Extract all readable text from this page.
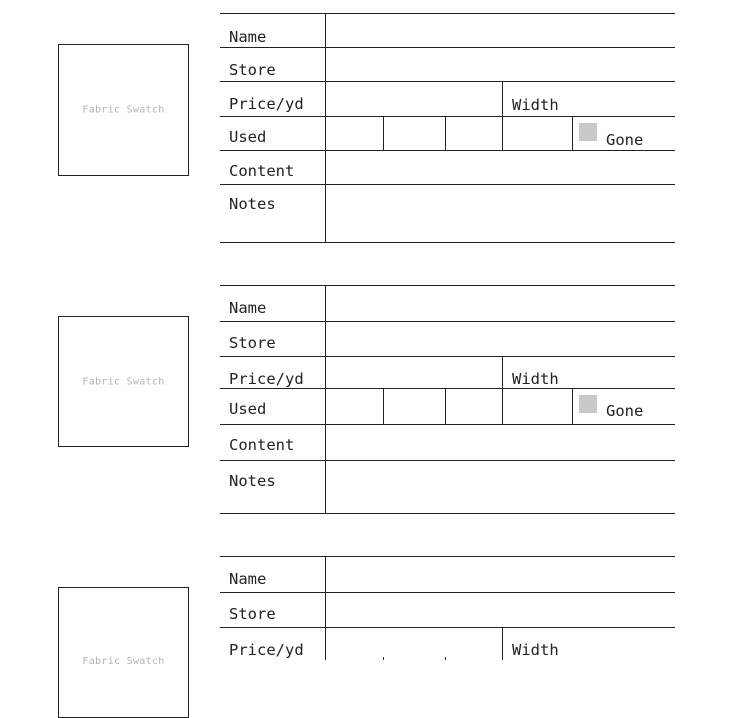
Fabric Swatch
Name
Store
Price/yd	Width
Used	Gone
Content
Notes
Fabric Swatch
Name
Store
Price/yd	Width
Used	Gone
Content
Notes
Fabric Swatch
Name
Store
Price/yd	Width
